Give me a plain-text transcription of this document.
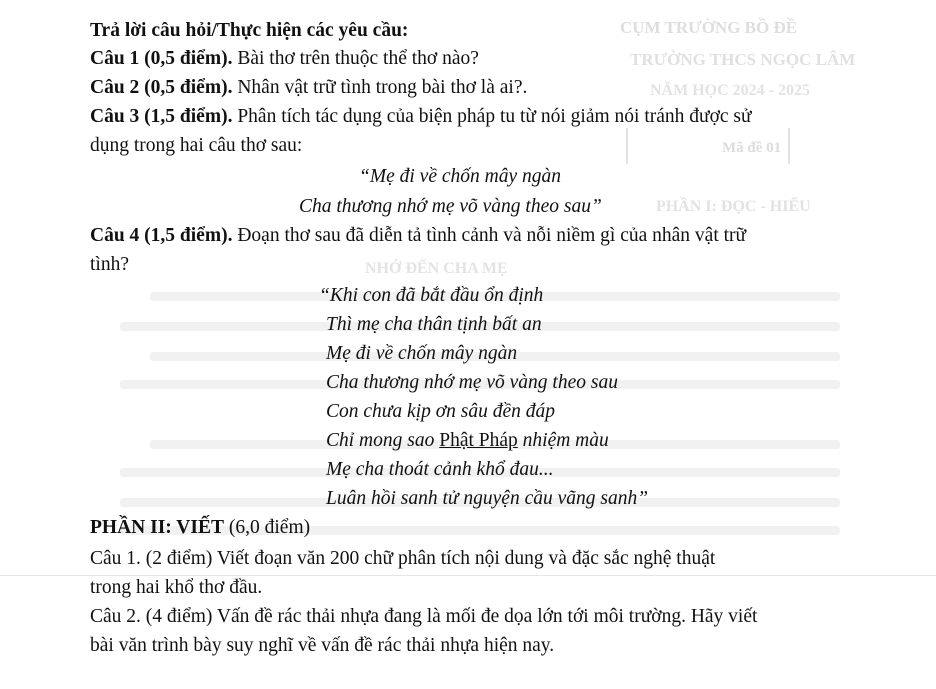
CỤM TRƯỜNG BỒ ĐỀ
TRƯỜNG THCS NGỌC LÂM
NĂM HỌC 2024 - 2025
Mã đề 01
PHẦN I: ĐỌC - HIỂU
NHỚ ĐẾN CHA MẸ
Trả lời câu hỏi/Thực hiện các yêu cầu:
Câu 1 (0,5 điểm). Bài thơ trên thuộc thể thơ nào?
Câu 2 (0,5 điểm). Nhân vật trữ tình trong bài thơ là ai?.
Câu 3 (1,5 điểm). Phân tích tác dụng của biện pháp tu từ nói giảm nói tránh được sử
dụng trong hai câu thơ sau:
“Mẹ đi về chốn mây ngàn
Cha thương nhớ mẹ võ vàng theo sau”
Câu 4 (1,5 điểm). Đoạn thơ sau đã diễn tả tình cảnh và nỗi niềm gì của nhân vật trữ
tình?
“Khi con đã bắt đầu ổn định
Thì mẹ cha thân tịnh bất an
Mẹ đi về chốn mây ngàn
Cha thương nhớ mẹ võ vàng theo sau
Con chưa kịp ơn sâu đền đáp
Chỉ mong sao Phật Pháp nhiệm màu
Mẹ cha thoát cảnh khổ đau...
Luân hồi sanh tử nguyện cầu vãng sanh”
PHẦN II: VIẾT (6,0 điểm)
Câu 1. (2 điểm) Viết đoạn văn 200 chữ phân tích nội dung và đặc sắc nghệ thuật
trong hai khổ thơ đầu.
Câu 2. (4 điểm) Vấn đề rác thải nhựa đang là mối đe dọa lớn tới môi trường. Hãy viết
bài văn trình bày suy nghĩ về vấn đề rác thải nhựa hiện nay.
